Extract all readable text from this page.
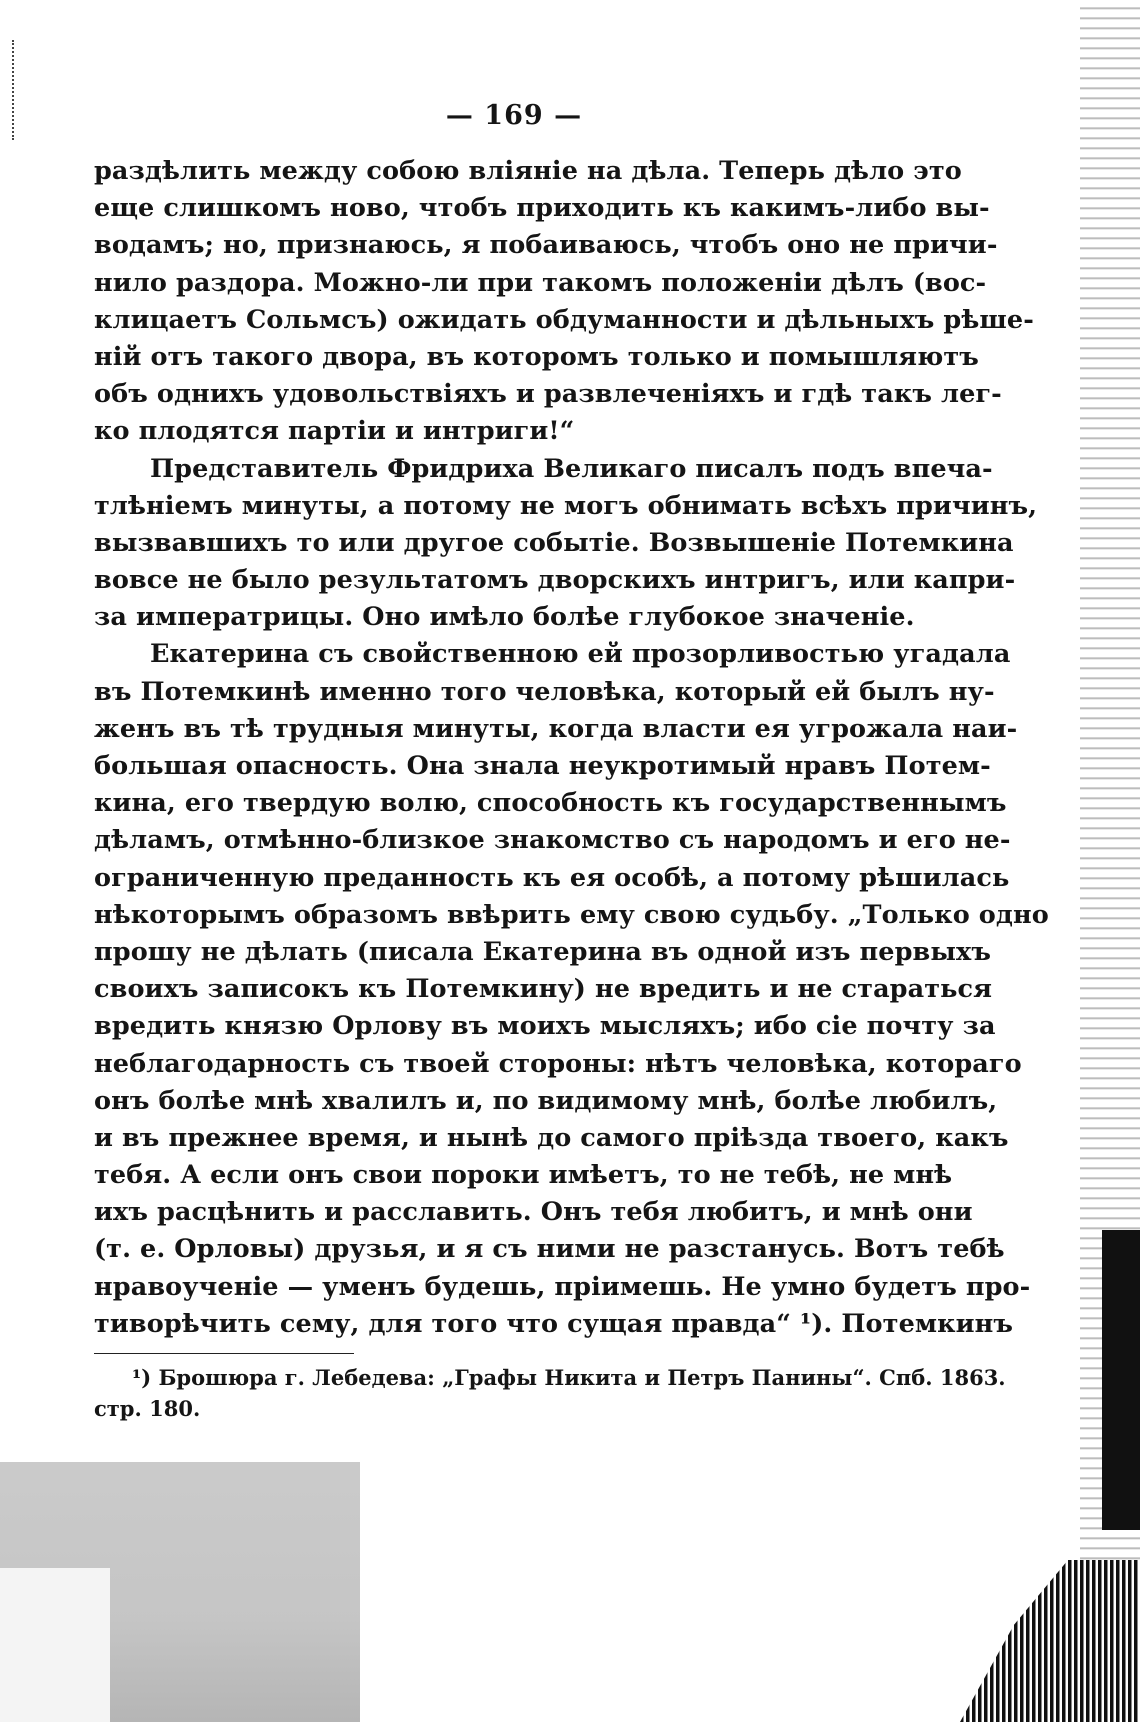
— 169 —
раздѣлить между собою вліяніе на дѣла. Теперь дѣло это
еще слишкомъ ново, чтобъ приходить къ какимъ-либо вы-
водамъ; но, признаюсь, я побаиваюсь, чтобъ оно не причи-
нило раздора. Можно-ли при такомъ положеніи дѣлъ (вос-
клицаетъ Сольмсъ) ожидать обдуманности и дѣльныхъ рѣше-
ній отъ такого двора, въ которомъ только и помышляютъ
объ однихъ удовольствіяхъ и развлеченіяхъ и гдѣ такъ лег-
ко плодятся партіи и интриги!“
Представитель Фридриха Великаго писалъ подъ впеча-
тлѣніемъ минуты, а потому не могъ обнимать всѣхъ причинъ,
вызвавшихъ то или другое событіе. Возвышеніе Потемкина
вовсе не было результатомъ дворскихъ интригъ, или капри-
за императрицы. Оно имѣло болѣе глубокое значеніе.
Екатерина съ свойственною ей прозорливостью угадала
въ Потемкинѣ именно того человѣка, который ей былъ ну-
женъ въ тѣ трудныя минуты, когда власти ея угрожала наи-
большая опасность. Она знала неукротимый нравъ Потем-
кина, его твердую волю, способность къ государственнымъ
дѣламъ, отмѣнно-близкое знакомство съ народомъ и его не-
ограниченную преданность къ ея особѣ, а потому рѣшилась
нѣкоторымъ образомъ ввѣрить ему свою судьбу. „Только одно
прошу не дѣлать (писала Екатерина въ одной изъ первыхъ
своихъ записокъ къ Потемкину) не вредить и не стараться
вредить князю Орлову въ моихъ мысляхъ; ибо сіе почту за
неблагодарность съ твоей стороны: нѣтъ человѣка, котораго
онъ болѣе мнѣ хвалилъ и, по видимому мнѣ, болѣе любилъ,
и въ прежнее время, и нынѣ до самого пріѣзда твоего, какъ
тебя. А если онъ свои пороки имѣетъ, то не тебѣ, не мнѣ
ихъ расцѣнить и расславить. Онъ тебя любитъ, и мнѣ они
(т. е. Орловы) друзья, и я съ ними не разстанусь. Вотъ тебѣ
нравоученіе — уменъ будешь, пріимешь. Не умно будетъ про-
тиворѣчить сему, для того что сущая правда“ ¹). Потемкинъ
¹) Брошюра г. Лебедева: „Графы Никита и Петръ Панины“. Спб. 1863.
стр. 180.
